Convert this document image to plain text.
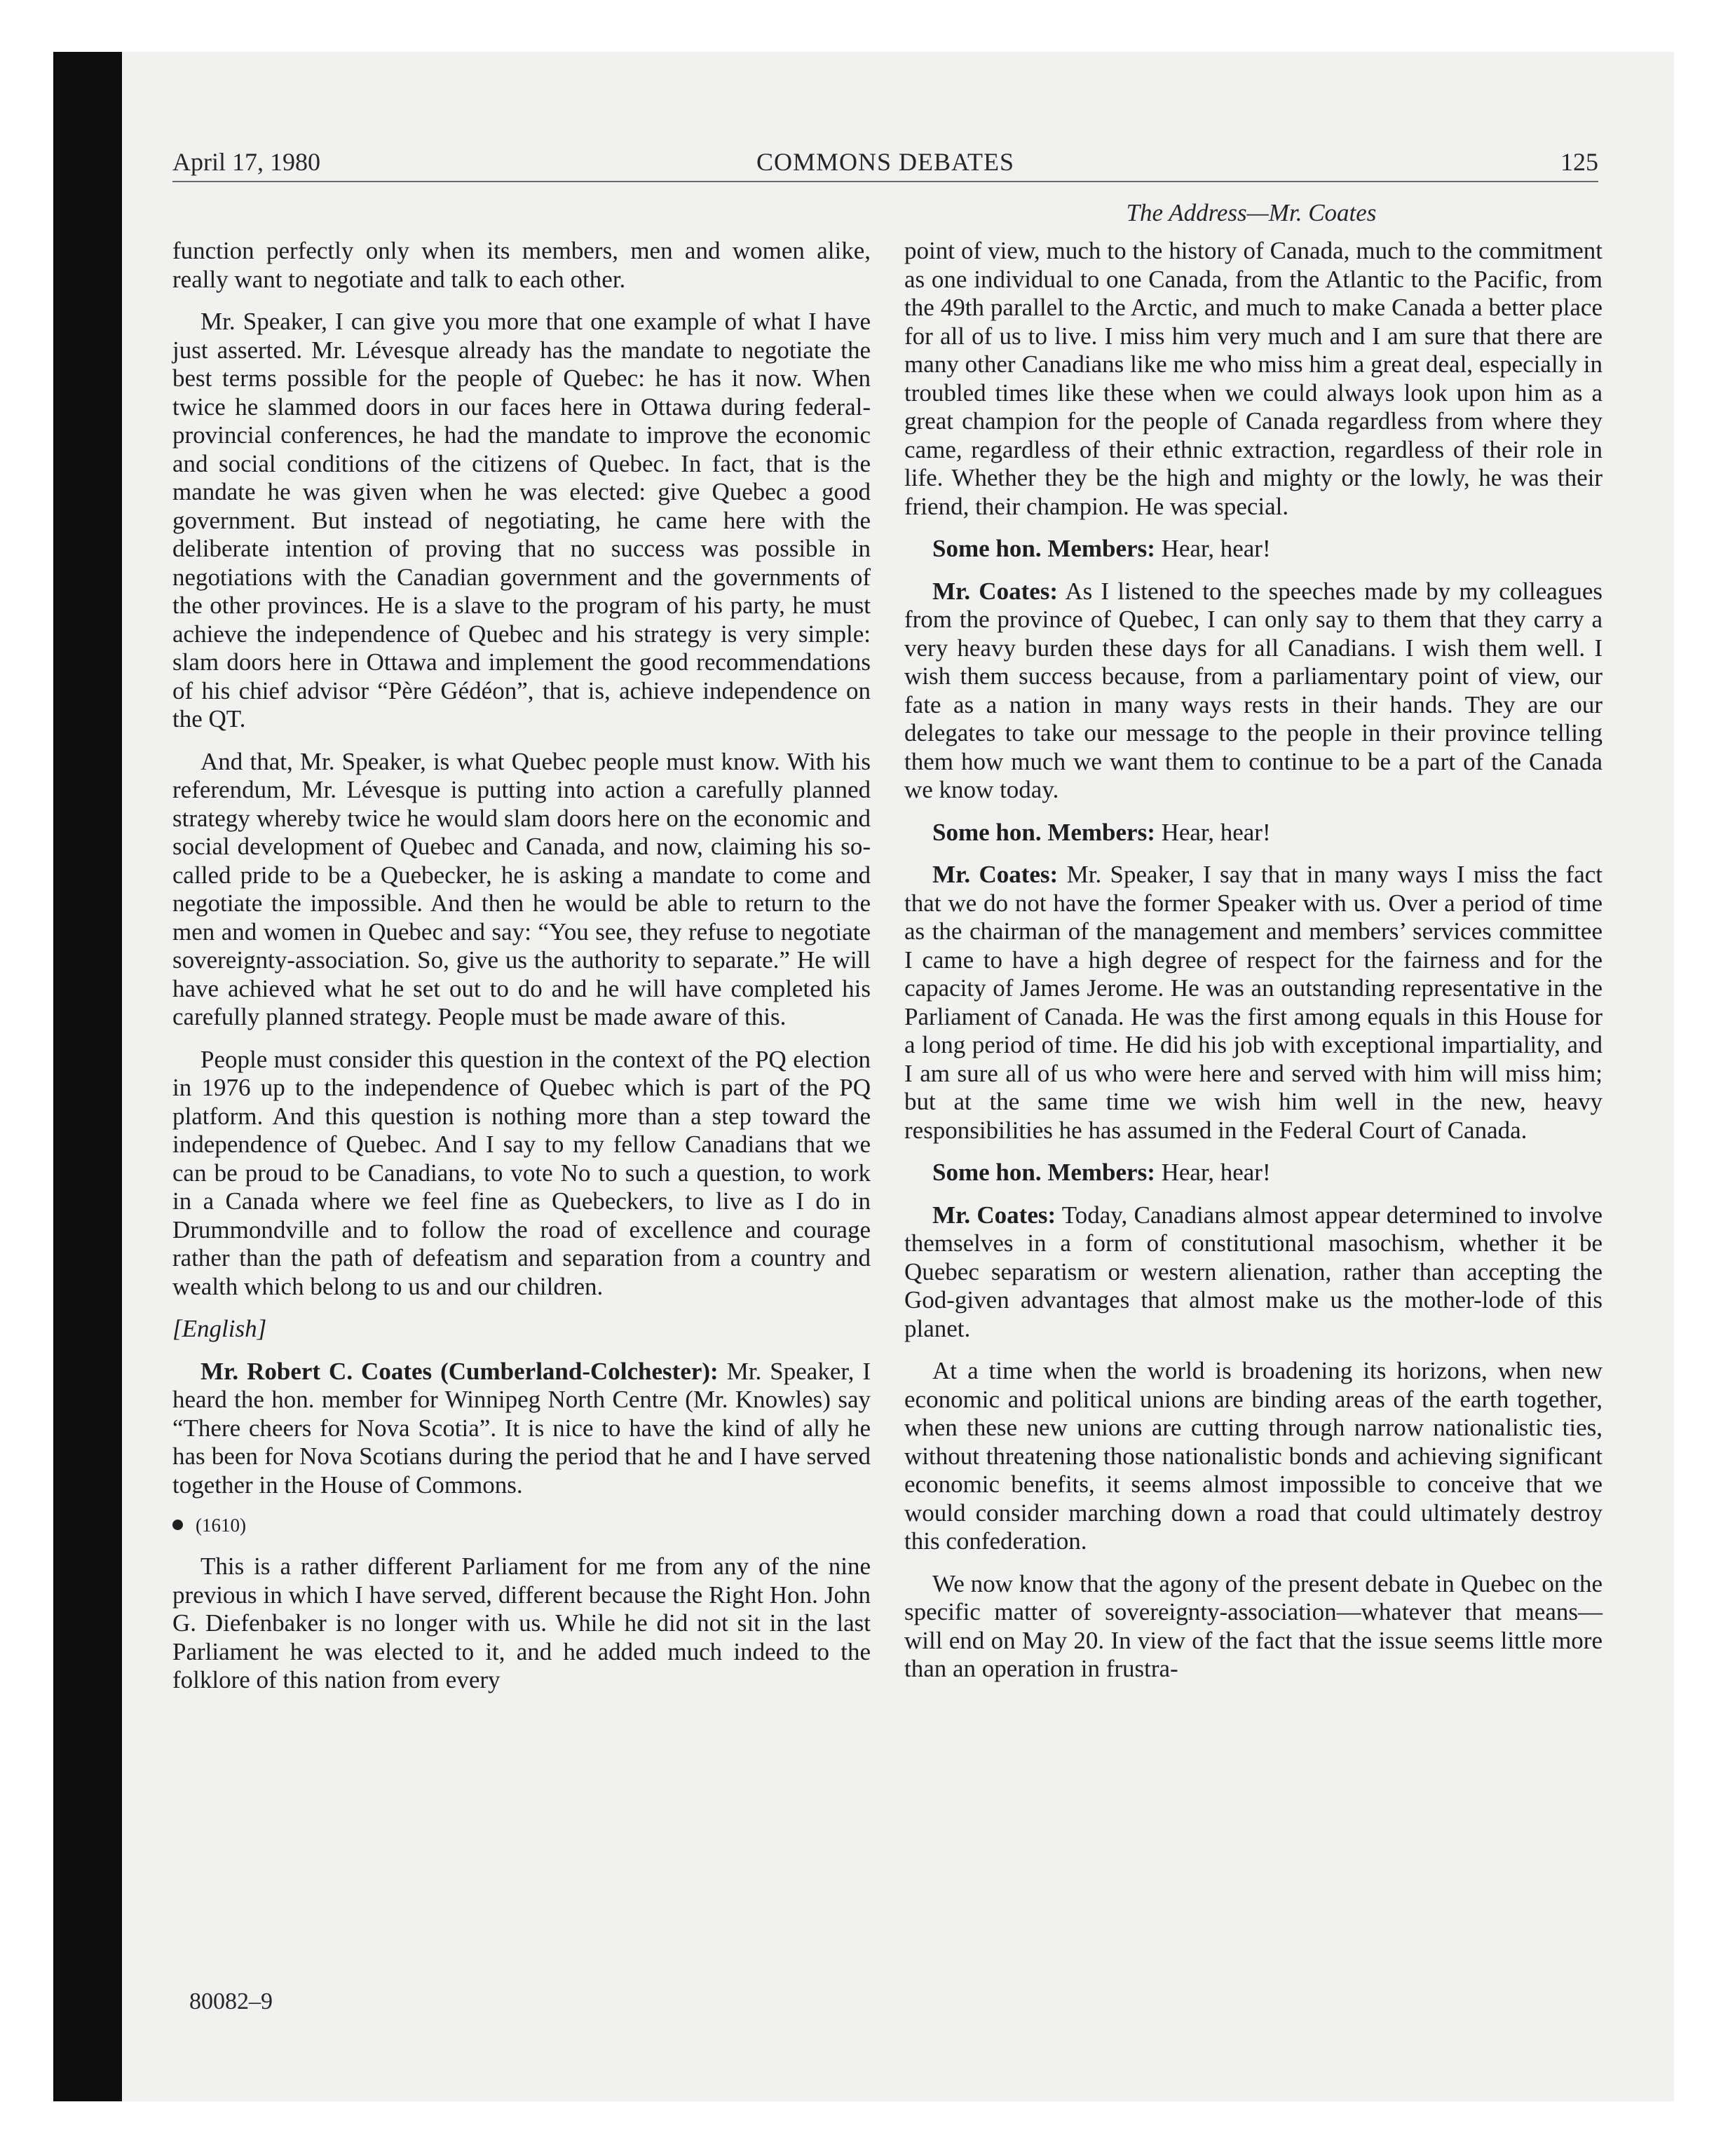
April 17, 1980	COMMONS DEBATES	125
The Address—Mr. Coates

function perfectly only when its members, men and women alike, really want to negotiate and talk to each other.

Mr. Speaker, I can give you more that one example of what I have just asserted. Mr. Lévesque already has the mandate to negotiate the best terms possible for the people of Quebec: he has it now. When twice he slammed doors in our faces here in Ottawa during federal-provincial conferences, he had the mandate to improve the economic and social conditions of the citizens of Quebec. In fact, that is the mandate he was given when he was elected: give Quebec a good government. But instead of negotiating, he came here with the deliberate intention of proving that no success was possible in negotiations with the Canadian government and the governments of the other provinces. He is a slave to the program of his party, he must achieve the independence of Quebec and his strategy is very simple: slam doors here in Ottawa and implement the good recommendations of his chief advisor “Père Gédéon”, that is, achieve independence on the QT.

And that, Mr. Speaker, is what Quebec people must know. With his referendum, Mr. Lévesque is putting into action a carefully planned strategy whereby twice he would slam doors here on the economic and social development of Quebec and Canada, and now, claiming his so-called pride to be a Quebecker, he is asking a mandate to come and negotiate the impossible. And then he would be able to return to the men and women in Quebec and say: “You see, they refuse to negotiate sovereignty-association. So, give us the authority to separate.” He will have achieved what he set out to do and he will have completed his carefully planned strategy. People must be made aware of this.

People must consider this question in the context of the PQ election in 1976 up to the independence of Quebec which is part of the PQ platform. And this question is nothing more than a step toward the independence of Quebec. And I say to my fellow Canadians that we can be proud to be Canadians, to vote No to such a question, to work in a Canada where we feel fine as Quebeckers, to live as I do in Drummondville and to follow the road of excellence and courage rather than the path of defeatism and separation from a country and wealth which belong to us and our children.

[English]

Mr. Robert C. Coates (Cumberland-Colchester): Mr. Speaker, I heard the hon. member for Winnipeg North Centre (Mr. Knowles) say “There cheers for Nova Scotia”. It is nice to have the kind of ally he has been for Nova Scotians during the period that he and I have served together in the House of Commons.

(1610)

This is a rather different Parliament for me from any of the nine previous in which I have served, different because the Right Hon. John G. Diefenbaker is no longer with us. While he did not sit in the last Parliament he was elected to it, and he added much indeed to the folklore of this nation from every

point of view, much to the history of Canada, much to the commitment as one individual to one Canada, from the Atlantic to the Pacific, from the 49th parallel to the Arctic, and much to make Canada a better place for all of us to live. I miss him very much and I am sure that there are many other Canadians like me who miss him a great deal, especially in troubled times like these when we could always look upon him as a great champion for the people of Canada regardless from where they came, regardless of their ethnic extraction, regardless of their role in life. Whether they be the high and mighty or the lowly, he was their friend, their champion. He was special.

Some hon. Members: Hear, hear!

Mr. Coates: As I listened to the speeches made by my colleagues from the province of Quebec, I can only say to them that they carry a very heavy burden these days for all Canadians. I wish them well. I wish them success because, from a parliamentary point of view, our fate as a nation in many ways rests in their hands. They are our delegates to take our message to the people in their province telling them how much we want them to continue to be a part of the Canada we know today.

Some hon. Members: Hear, hear!

Mr. Coates: Mr. Speaker, I say that in many ways I miss the fact that we do not have the former Speaker with us. Over a period of time as the chairman of the management and members’ services committee I came to have a high degree of respect for the fairness and for the capacity of James Jerome. He was an outstanding representative in the Parliament of Canada. He was the first among equals in this House for a long period of time. He did his job with exceptional impartiality, and I am sure all of us who were here and served with him will miss him; but at the same time we wish him well in the new, heavy responsibilities he has assumed in the Federal Court of Canada.

Some hon. Members: Hear, hear!

Mr. Coates: Today, Canadians almost appear determined to involve themselves in a form of constitutional masochism, whether it be Quebec separatism or western alienation, rather than accepting the God-given advantages that almost make us the mother-lode of this planet.

At a time when the world is broadening its horizons, when new economic and political unions are binding areas of the earth together, when these new unions are cutting through narrow nationalistic ties, without threatening those nationalistic bonds and achieving significant economic benefits, it seems almost impossible to conceive that we would consider marching down a road that could ultimately destroy this confederation.

We now know that the agony of the present debate in Quebec on the specific matter of sovereignty-association—whatever that means—will end on May 20. In view of the fact that the issue seems little more than an operation in frustra-

80082–9
